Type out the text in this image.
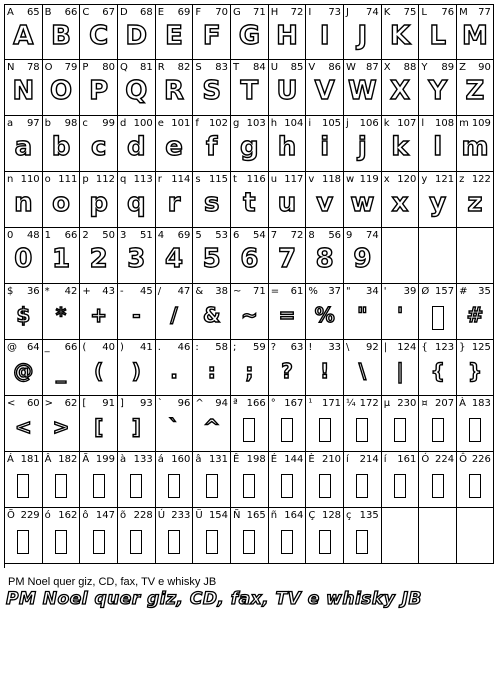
A 65
A
B 66
B
C 67
C
D 68
D
E 69
E
F 70
F
G 71
G
H 72
H
I 73
I
J 74
J
K 75
K
L 76
L
M 77
M
N 78
N
O 79
O
P 80
P
Q 81
Q
R 82
R
S 83
S
T 84
T
U 85
U
V 86
V
W 87
W
X 88
X
Y 89
Y
Z 90
Z
a 97
a
b 98
b
c 99
c
d 100
d
e 101
e
f 102
f
g 103
g
h 104
h
i 105
i
j 106
j
k 107
k
l 108
l
m 109
m
n 110
n
o 111
o
p 112
p
q 113
q
r 114
r
s 115
s
t 116
t
u 117
u
v 118
v
w 119
w
x 120
x
y 121
y
z 122
z
0 48
0
1 66
1
2 50
2
3 51
3
4 69
4
5 53
5
6 54
6
7 72
7
8 56
8
9 74
9
$ 36
$
* 42
*
+ 43
+
- 45
-
/ 47
/
& 38
&
~ 71
~
= 61
=
% 37
%
" 34
"
' 39
'
Ø 157 # 35
#
@ 64
@
_ 66
_
( 40
(
) 41
)
. 46
.
: 58
:
; 59
;
? 63
?
! 33
!
\ 92
\
| 124
|
{ 123
{
} 125
}
< 60
<
> 62
>
[ 91
[
] 93
]
` 96
`
^ 94
^
ª 166 ° 167 ¹ 171 ¼ 172 µ 230 ¤ 207 À 183
Á 181 Â 182 Ã 199 à 133 á 160 â 131 Ê 198 É 144 È 210 í 214 í 161 Ó 224 Ô 226
Õ 229 ó 162 ô 147 õ 228 Ú 233 Ü 154 Ñ 165 ñ 164 Ç 128 ç 135
PM Noel quer giz, CD, fax, TV e whisky JB
PM Noel quer giz, CD, fax, TV e whisky JB
